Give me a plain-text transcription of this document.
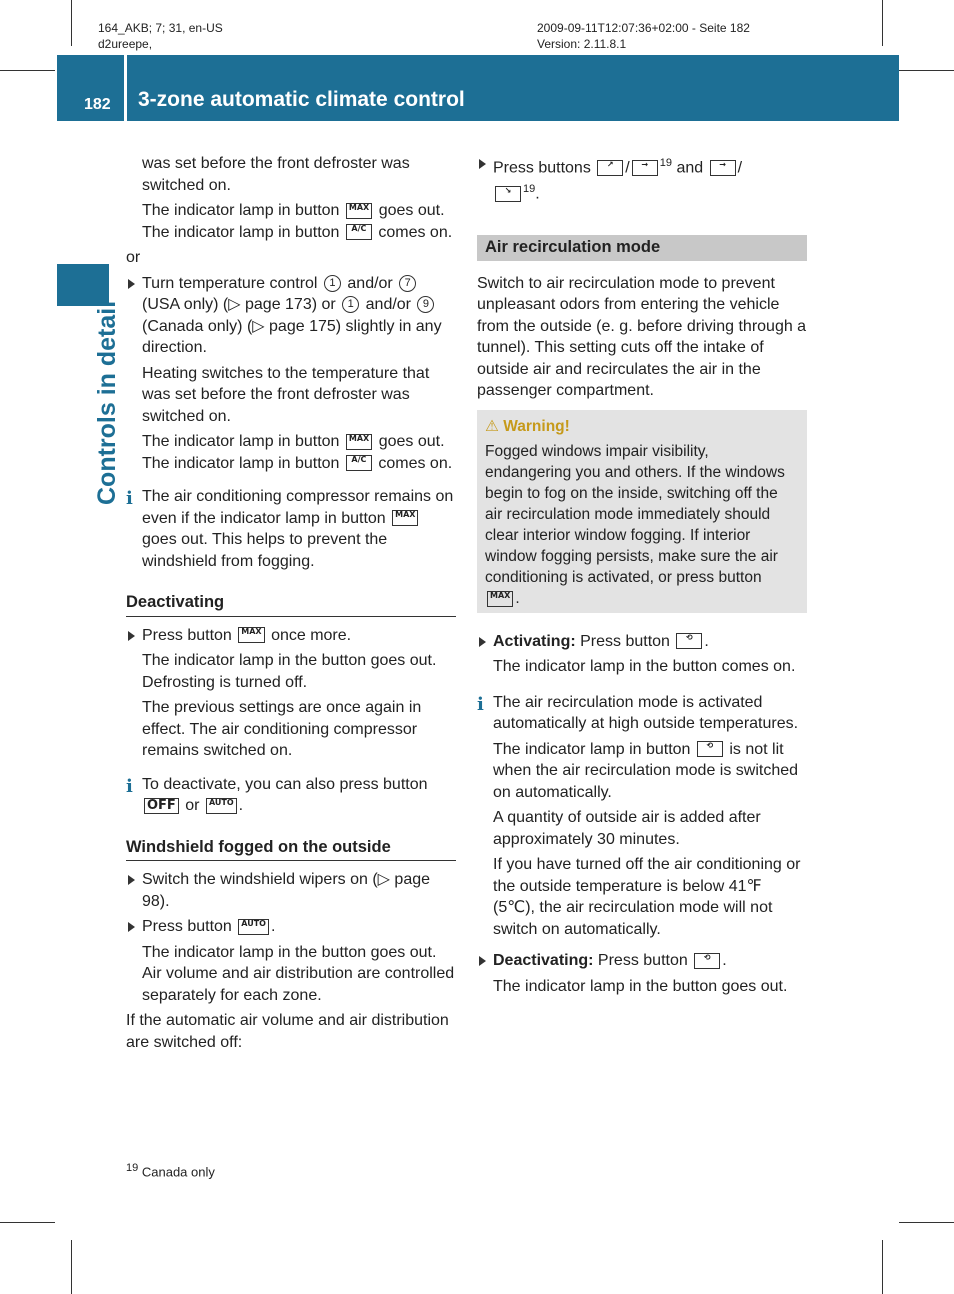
164_AKB; 7; 31, en-US
d2ureepe,
2009-09-11T12:07:36+02:00 - Seite 182
Version: 2.11.8.1
182 3-zone automatic climate control
Controls in detail

was set before the front defroster was switched on.

The indicator lamp in button MAX goes out. The indicator lamp in button A/C comes on.

or

Turn temperature control 1 and/or 7 (USA only) (▷ page 173) or 1 and/or 9 (Canada only) (▷ page 175) slightly in any direction.

Heating switches to the temperature that was set before the front defroster was switched on.

The indicator lamp in button MAX goes out. The indicator lamp in button A/C comes on.

i The air conditioning compressor remains on even if the indicator lamp in button MAX goes out. This helps to prevent the windshield from fogging.
Deactivating

Press button MAX once more.

The indicator lamp in the button goes out. Defrosting is turned off.

The previous settings are once again in effect. The air conditioning compressor remains switched on.

i To deactivate, you can also press button OFF or AUTO .
Windshield fogged on the outside

Switch the windshield wipers on (▷ page 98).

Press button AUTO .

The indicator lamp in the button goes out. Air volume and air distribution are controlled separately for each zone.

If the automatic air volume and air distribution are switched off:

Press buttons ↗ / → $^{19}$ and → /
↘ $^{19}$.

Air recirculation mode

Switch to air recirculation mode to prevent unpleasant odors from entering the vehicle from the outside (e. g. before driving through a tunnel). This setting cuts off the intake of outside air and recirculates the air in the passenger compartment.

⚠ Warning!
Fogged windows impair visibility, endangering you and others. If the windows begin to fog on the inside, switching off the air recirculation mode immediately should clear interior window fogging. If interior window fogging persists, make sure the air conditioning is activated, or press button
MAX .

Activating: Press button ⟲ .

The indicator lamp in the button comes on.

i The air recirculation mode is activated automatically at high outside temperatures.

The indicator lamp in button ⟲ is not lit when the air recirculation mode is switched on automatically.

A quantity of outside air is added after approximately 30 minutes.

If you have turned off the air conditioning or the outside temperature is below 41℉ (5℃), the air recirculation mode will not switch on automatically.

Deactivating: Press button ⟲ .

The indicator lamp in the button goes out.

$^{19}$ Canada only
